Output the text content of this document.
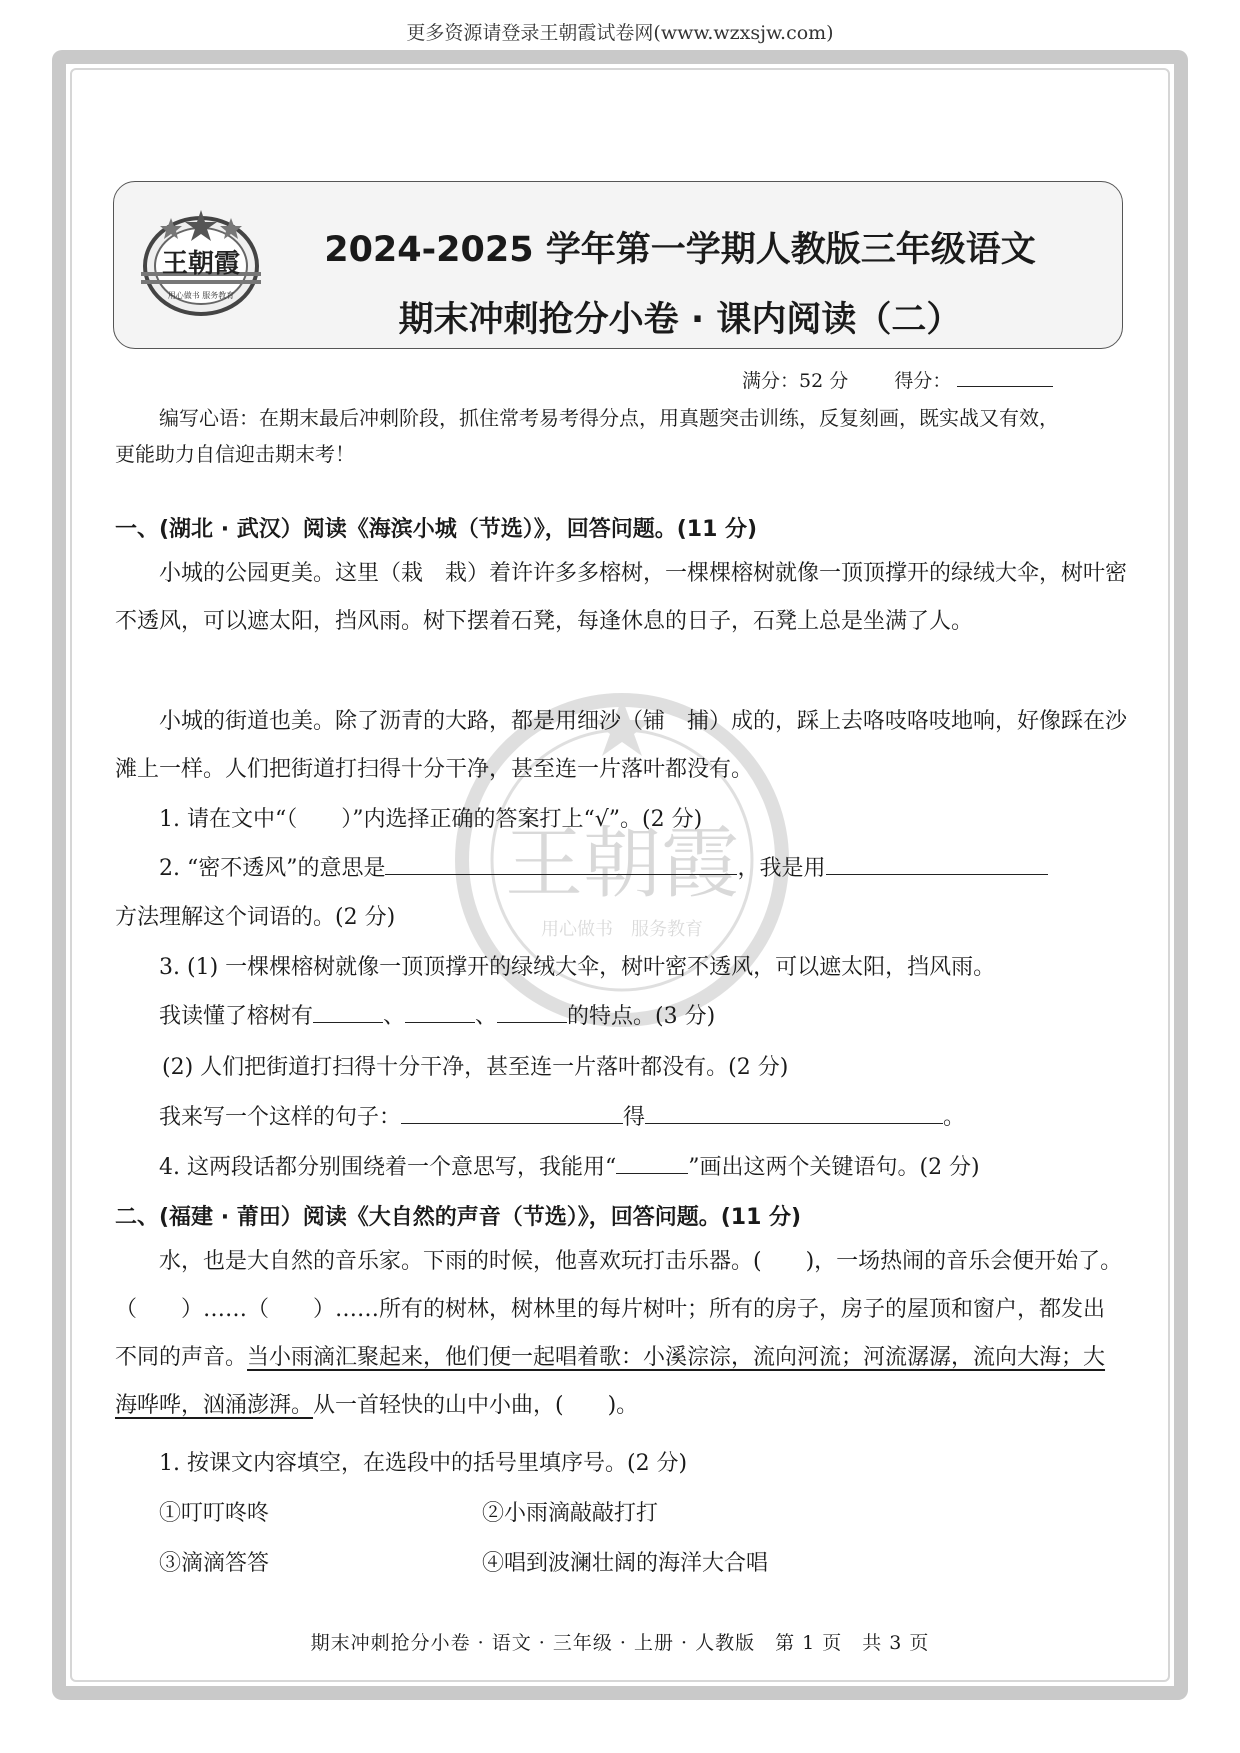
更多资源请登录王朝霞试卷网(www.wzxsjw.com)
王朝霞
用心做书　服务教育
王朝霞
用心做书 服务教育
2024-2025 学年第一学期人教版三年级语文
期末冲刺抢分小卷 · 课内阅读（二）
满分：52 分 得分：
编写心语：在期末最后冲刺阶段，抓住常考易考得分点，用真题突击训练，反复刻画，既实战又有效，
更能助力自信迎击期末考！
一、(湖北 · 武汉）阅读《海滨小城（节选）》，回答问题。(11 分)
小城的公园更美。这里（栽　栽）着许许多多榕树，一棵棵榕树就像一顶顶撑开的绿绒大伞，树叶密不透风，可以遮太阳，挡风雨。树下摆着石凳，每逢休息的日子，石凳上总是坐满了人。
小城的街道也美。除了沥青的大路，都是用细沙（铺　捕）成的，踩上去咯吱咯吱地响，好像踩在沙滩上一样。人们把街道打扫得十分干净，甚至连一片落叶都没有。
1. 请在文中“（　　）”内选择正确的答案打上“√”。(2 分)
2. “密不透风”的意思是	，我是用
方法理解这个词语的。(2 分)
3. (1) 一棵棵榕树就像一顶顶撑开的绿绒大伞，树叶密不透风，可以遮太阳，挡风雨。
我读懂了榕树有	、	、	的特点。(3 分)
(2) 人们把街道打扫得十分干净，甚至连一片落叶都没有。(2 分)
我来写一个这样的句子：	得	。
4. 这两段话都分别围绕着一个意思写，我能用“	”画出这两个关键语句。(2 分)
二、(福建 · 莆田）阅读《大自然的声音（节选）》，回答问题。(11 分)
水，也是大自然的音乐家。下雨的时候，他喜欢玩打击乐器。(　　)，一场热闹的音乐会便开始了。（　　）……（　　）……所有的树林，树林里的每片树叶；所有的房子，房子的屋顶和窗户，都发出不同的声音。当小雨滴汇聚起来，他们便一起唱着歌：小溪淙淙，流向河流；河流潺潺，流向大海；大海哗哗，汹涌澎湃。从一首轻快的山中小曲，(　　)。
1. 按课文内容填空，在选段中的括号里填序号。(2 分)
①叮叮咚咚	②小雨滴敲敲打打
③滴滴答答	④唱到波澜壮阔的海洋大合唱
期末冲刺抢分小卷 · 语文 · 三年级 · 上册 · 人教版　第 1 页　共 3 页
